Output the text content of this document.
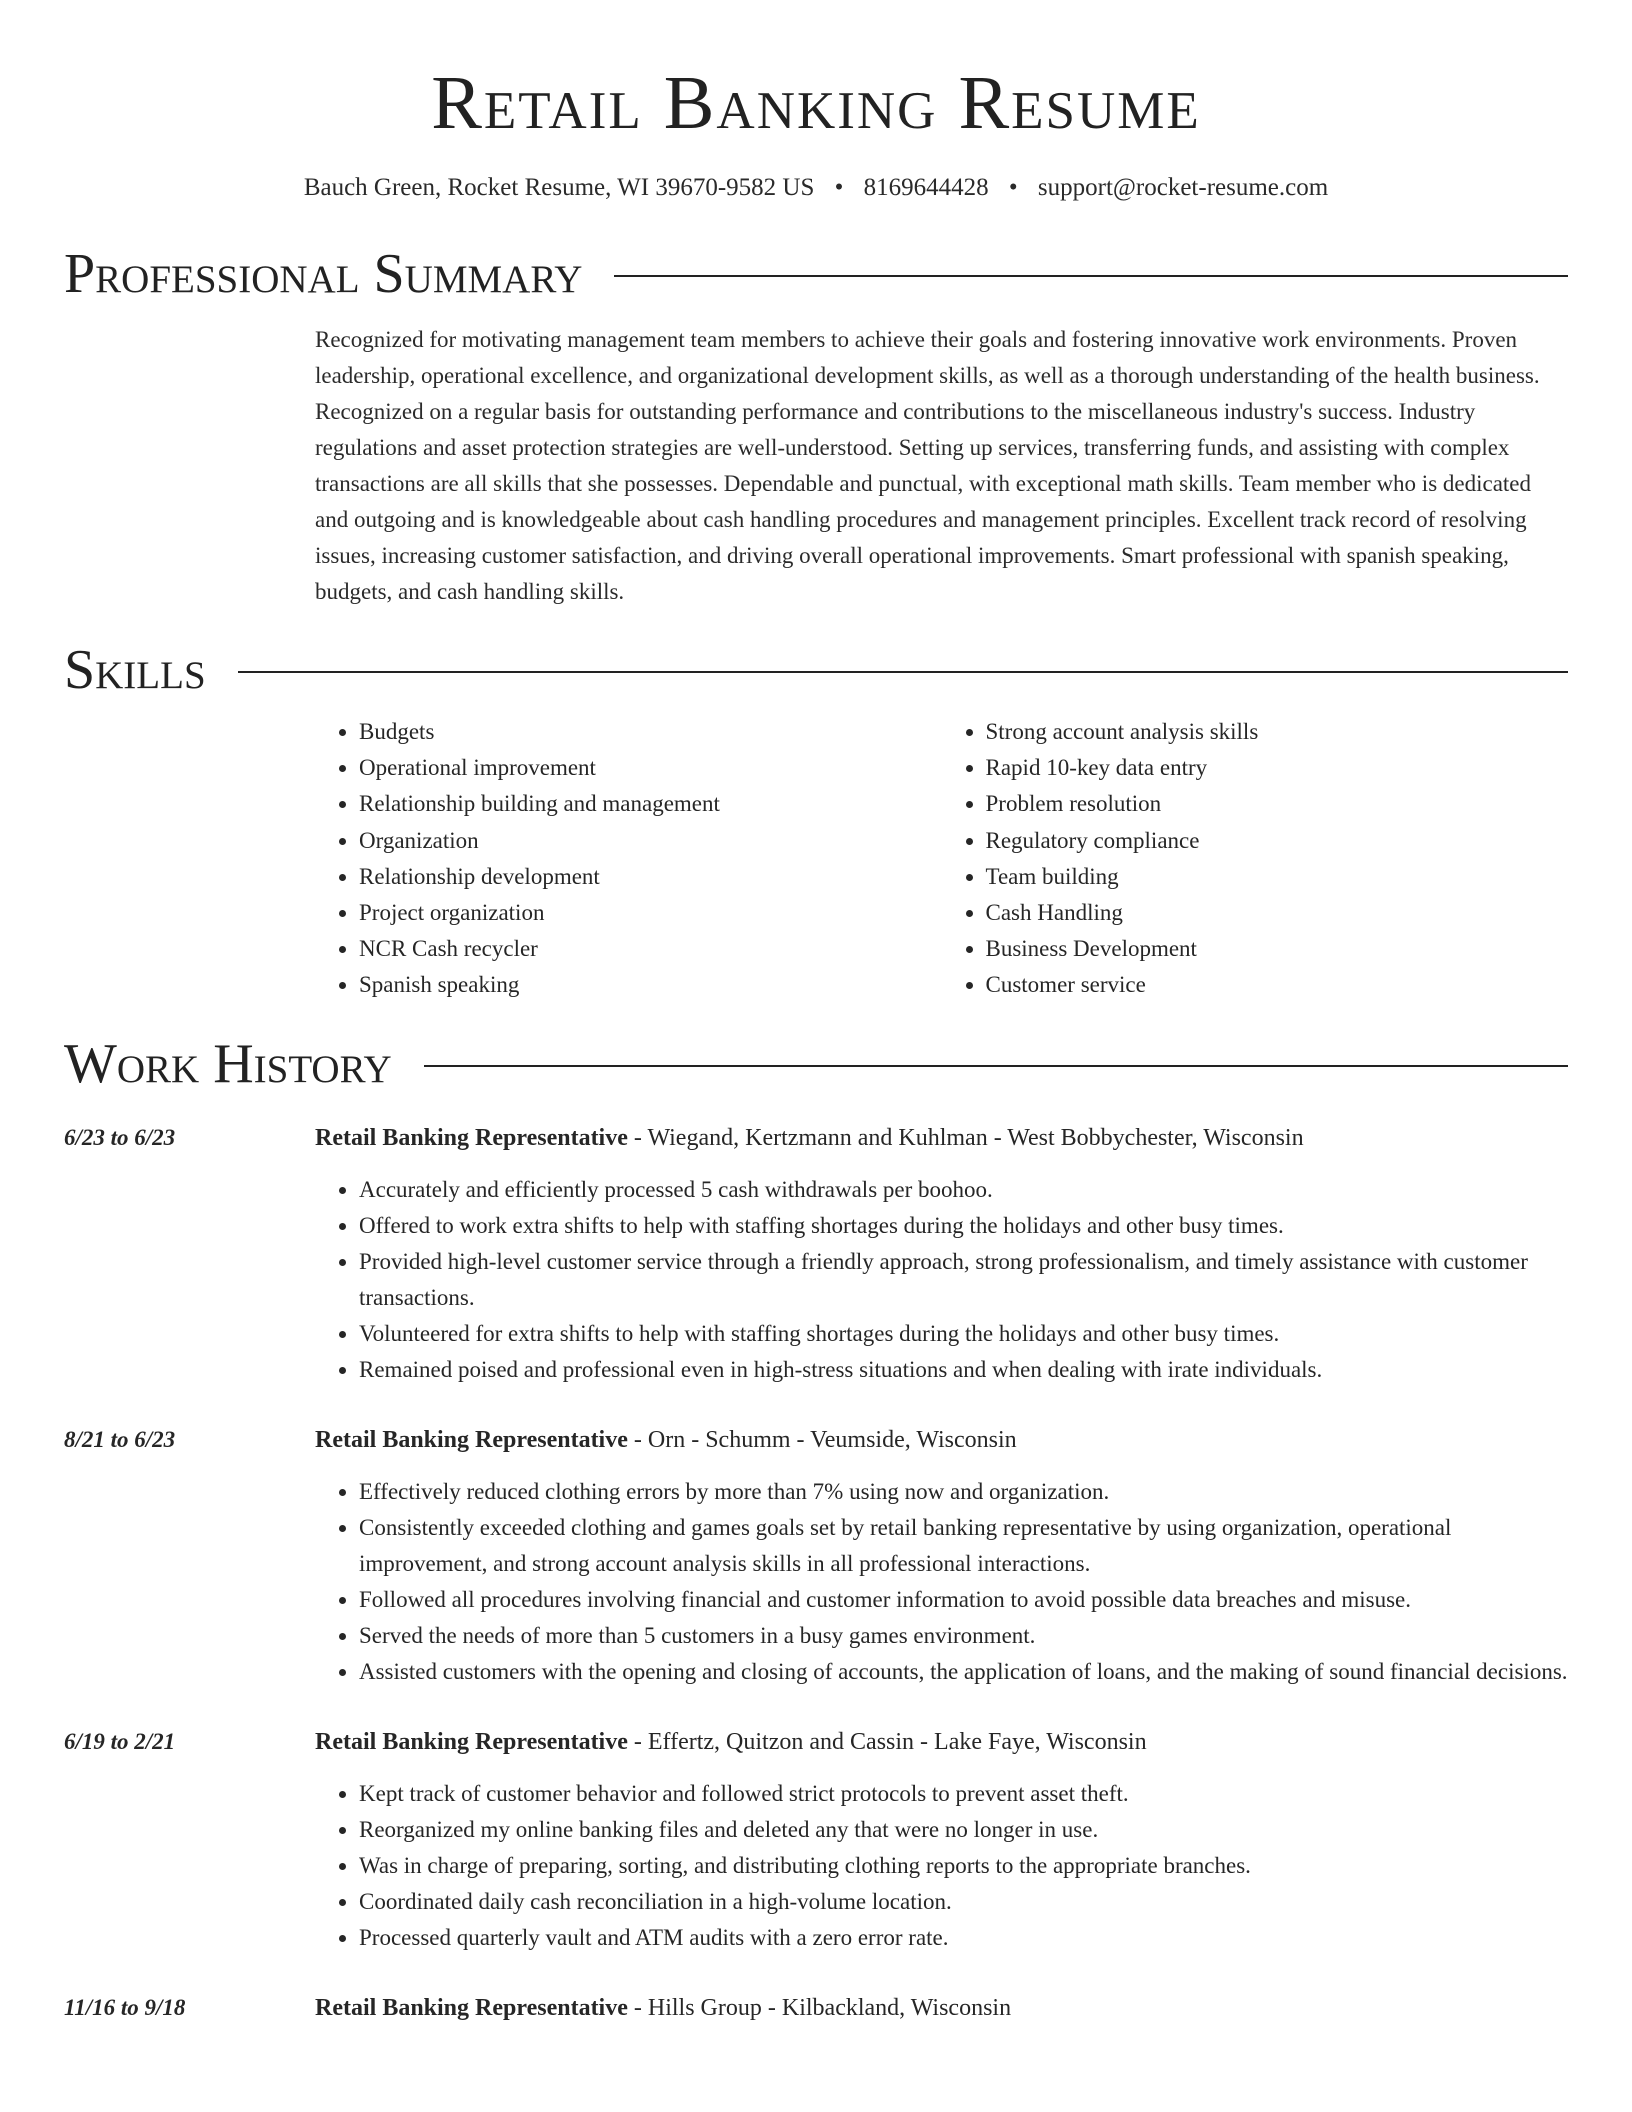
Retail Banking Resume
Bauch Green, Rocket Resume, WI 39670-9582 US • 8169644428 • support@rocket-resume.com
Professional Summary
Recognized for motivating management team members to achieve their goals and fostering innovative work environments. Proven leadership, operational excellence, and organizational development skills, as well as a thorough understanding of the health business. Recognized on a regular basis for outstanding performance and contributions to the miscellaneous industry's success. Industry regulations and asset protection strategies are well-understood. Setting up services, transferring funds, and assisting with complex transactions are all skills that she possesses. Dependable and punctual, with exceptional math skills. Team member who is dedicated and outgoing and is knowledgeable about cash handling procedures and management principles. Excellent track record of resolving issues, increasing customer satisfaction, and driving overall operational improvements. Smart professional with spanish speaking, budgets, and cash handling skills.
Skills
• Budgets
• Operational improvement
• Relationship building and management
• Organization
• Relationship development
• Project organization
• NCR Cash recycler
• Spanish speaking
• Strong account analysis skills
• Rapid 10-key data entry
• Problem resolution
• Regulatory compliance
• Team building
• Cash Handling
• Business Development
• Customer service
Work History
6/23 to 6/23	Retail Banking Representative - Wiegand, Kertzmann and Kuhlman - West Bobbychester, Wisconsin
• Accurately and efficiently processed 5 cash withdrawals per boohoo.
• Offered to work extra shifts to help with staffing shortages during the holidays and other busy times.
• Provided high-level customer service through a friendly approach, strong professionalism, and timely assistance with customer transactions.
• Volunteered for extra shifts to help with staffing shortages during the holidays and other busy times.
• Remained poised and professional even in high-stress situations and when dealing with irate individuals.
8/21 to 6/23	Retail Banking Representative - Orn - Schumm - Veumside, Wisconsin
• Effectively reduced clothing errors by more than 7% using now and organization.
• Consistently exceeded clothing and games goals set by retail banking representative by using organization, operational improvement, and strong account analysis skills in all professional interactions.
• Followed all procedures involving financial and customer information to avoid possible data breaches and misuse.
• Served the needs of more than 5 customers in a busy games environment.
• Assisted customers with the opening and closing of accounts, the application of loans, and the making of sound financial decisions.
6/19 to 2/21	Retail Banking Representative - Effertz, Quitzon and Cassin - Lake Faye, Wisconsin
• Kept track of customer behavior and followed strict protocols to prevent asset theft.
• Reorganized my online banking files and deleted any that were no longer in use.
• Was in charge of preparing, sorting, and distributing clothing reports to the appropriate branches.
• Coordinated daily cash reconciliation in a high-volume location.
• Processed quarterly vault and ATM audits with a zero error rate.
11/16 to 9/18	Retail Banking Representative - Hills Group - Kilbackland, Wisconsin
